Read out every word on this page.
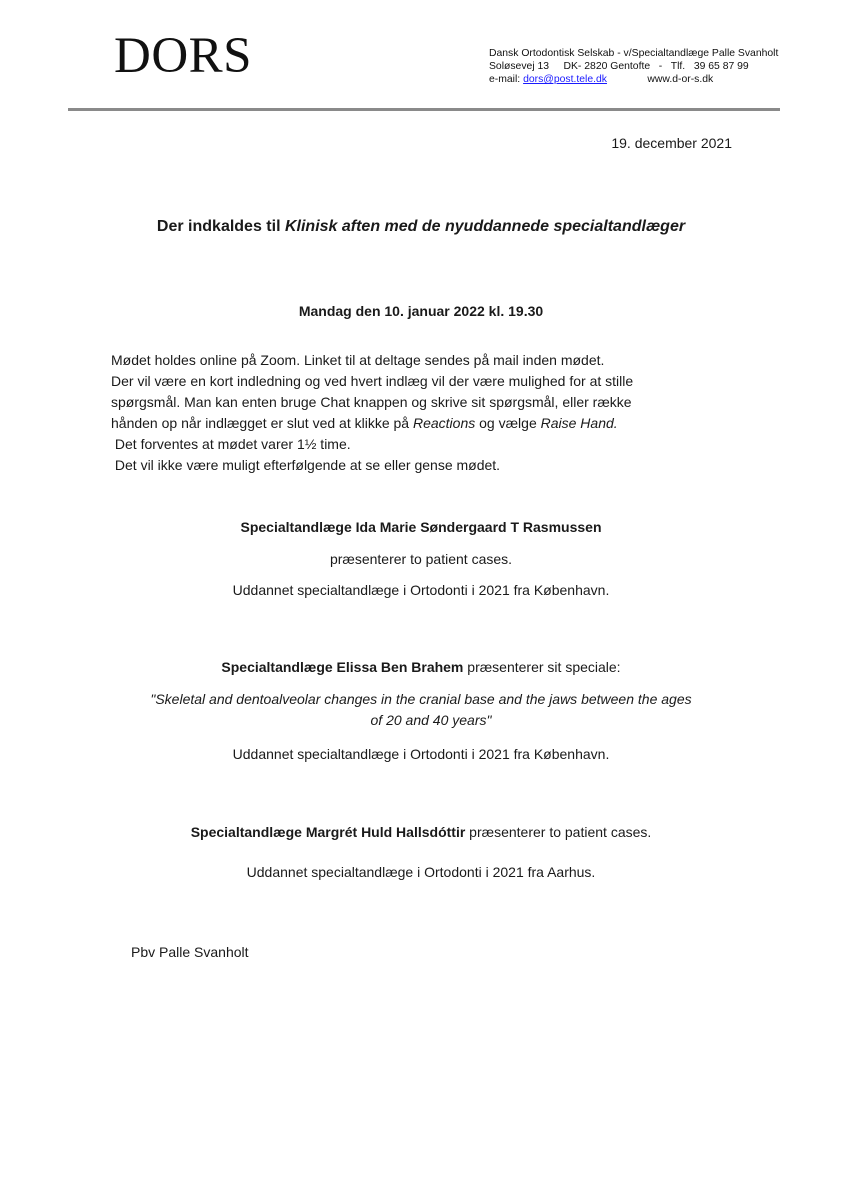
DORS	Dansk Ortodontisk Selskab - v/Specialtandlæge Palle Svanholt
Soløsevej 13     DK- 2820 Gentofte   -   Tlf.   39 65 87 99
e-mail: dors@post.tele.dk	www.d-or-s.dk
19. december 2021
Der indkaldes til Klinisk aften med de nyuddannede specialtandlæger
Mandag den 10. januar 2022 kl. 19.30
Mødet holdes online på Zoom. Linket til at deltage sendes på mail inden mødet.
Der vil være en kort indledning og ved hvert indlæg vil der være mulighed for at stille
spørgsmål. Man kan enten bruge Chat knappen og skrive sit spørgsmål, eller række
hånden op når indlægget er slut ved at klikke på Reactions og vælge Raise Hand.
Det forventes at mødet varer 1½ time.
Det vil ikke være muligt efterfølgende at se eller gense mødet.
Specialtandlæge Ida Marie Søndergaard T Rasmussen
præsenterer to patient cases.
Uddannet specialtandlæge i Ortodonti i 2021 fra København.
Specialtandlæge Elissa Ben Brahem præsenterer sit speciale:
"Skeletal and dentoalveolar changes in the cranial base and the jaws between the ages
of 20 and 40 years"
Uddannet specialtandlæge i Ortodonti i 2021 fra København.
Specialtandlæge Margrét Huld Hallsdóttir præsenterer to patient cases.
Uddannet specialtandlæge i Ortodonti i 2021 fra Aarhus.
Pbv Palle Svanholt
